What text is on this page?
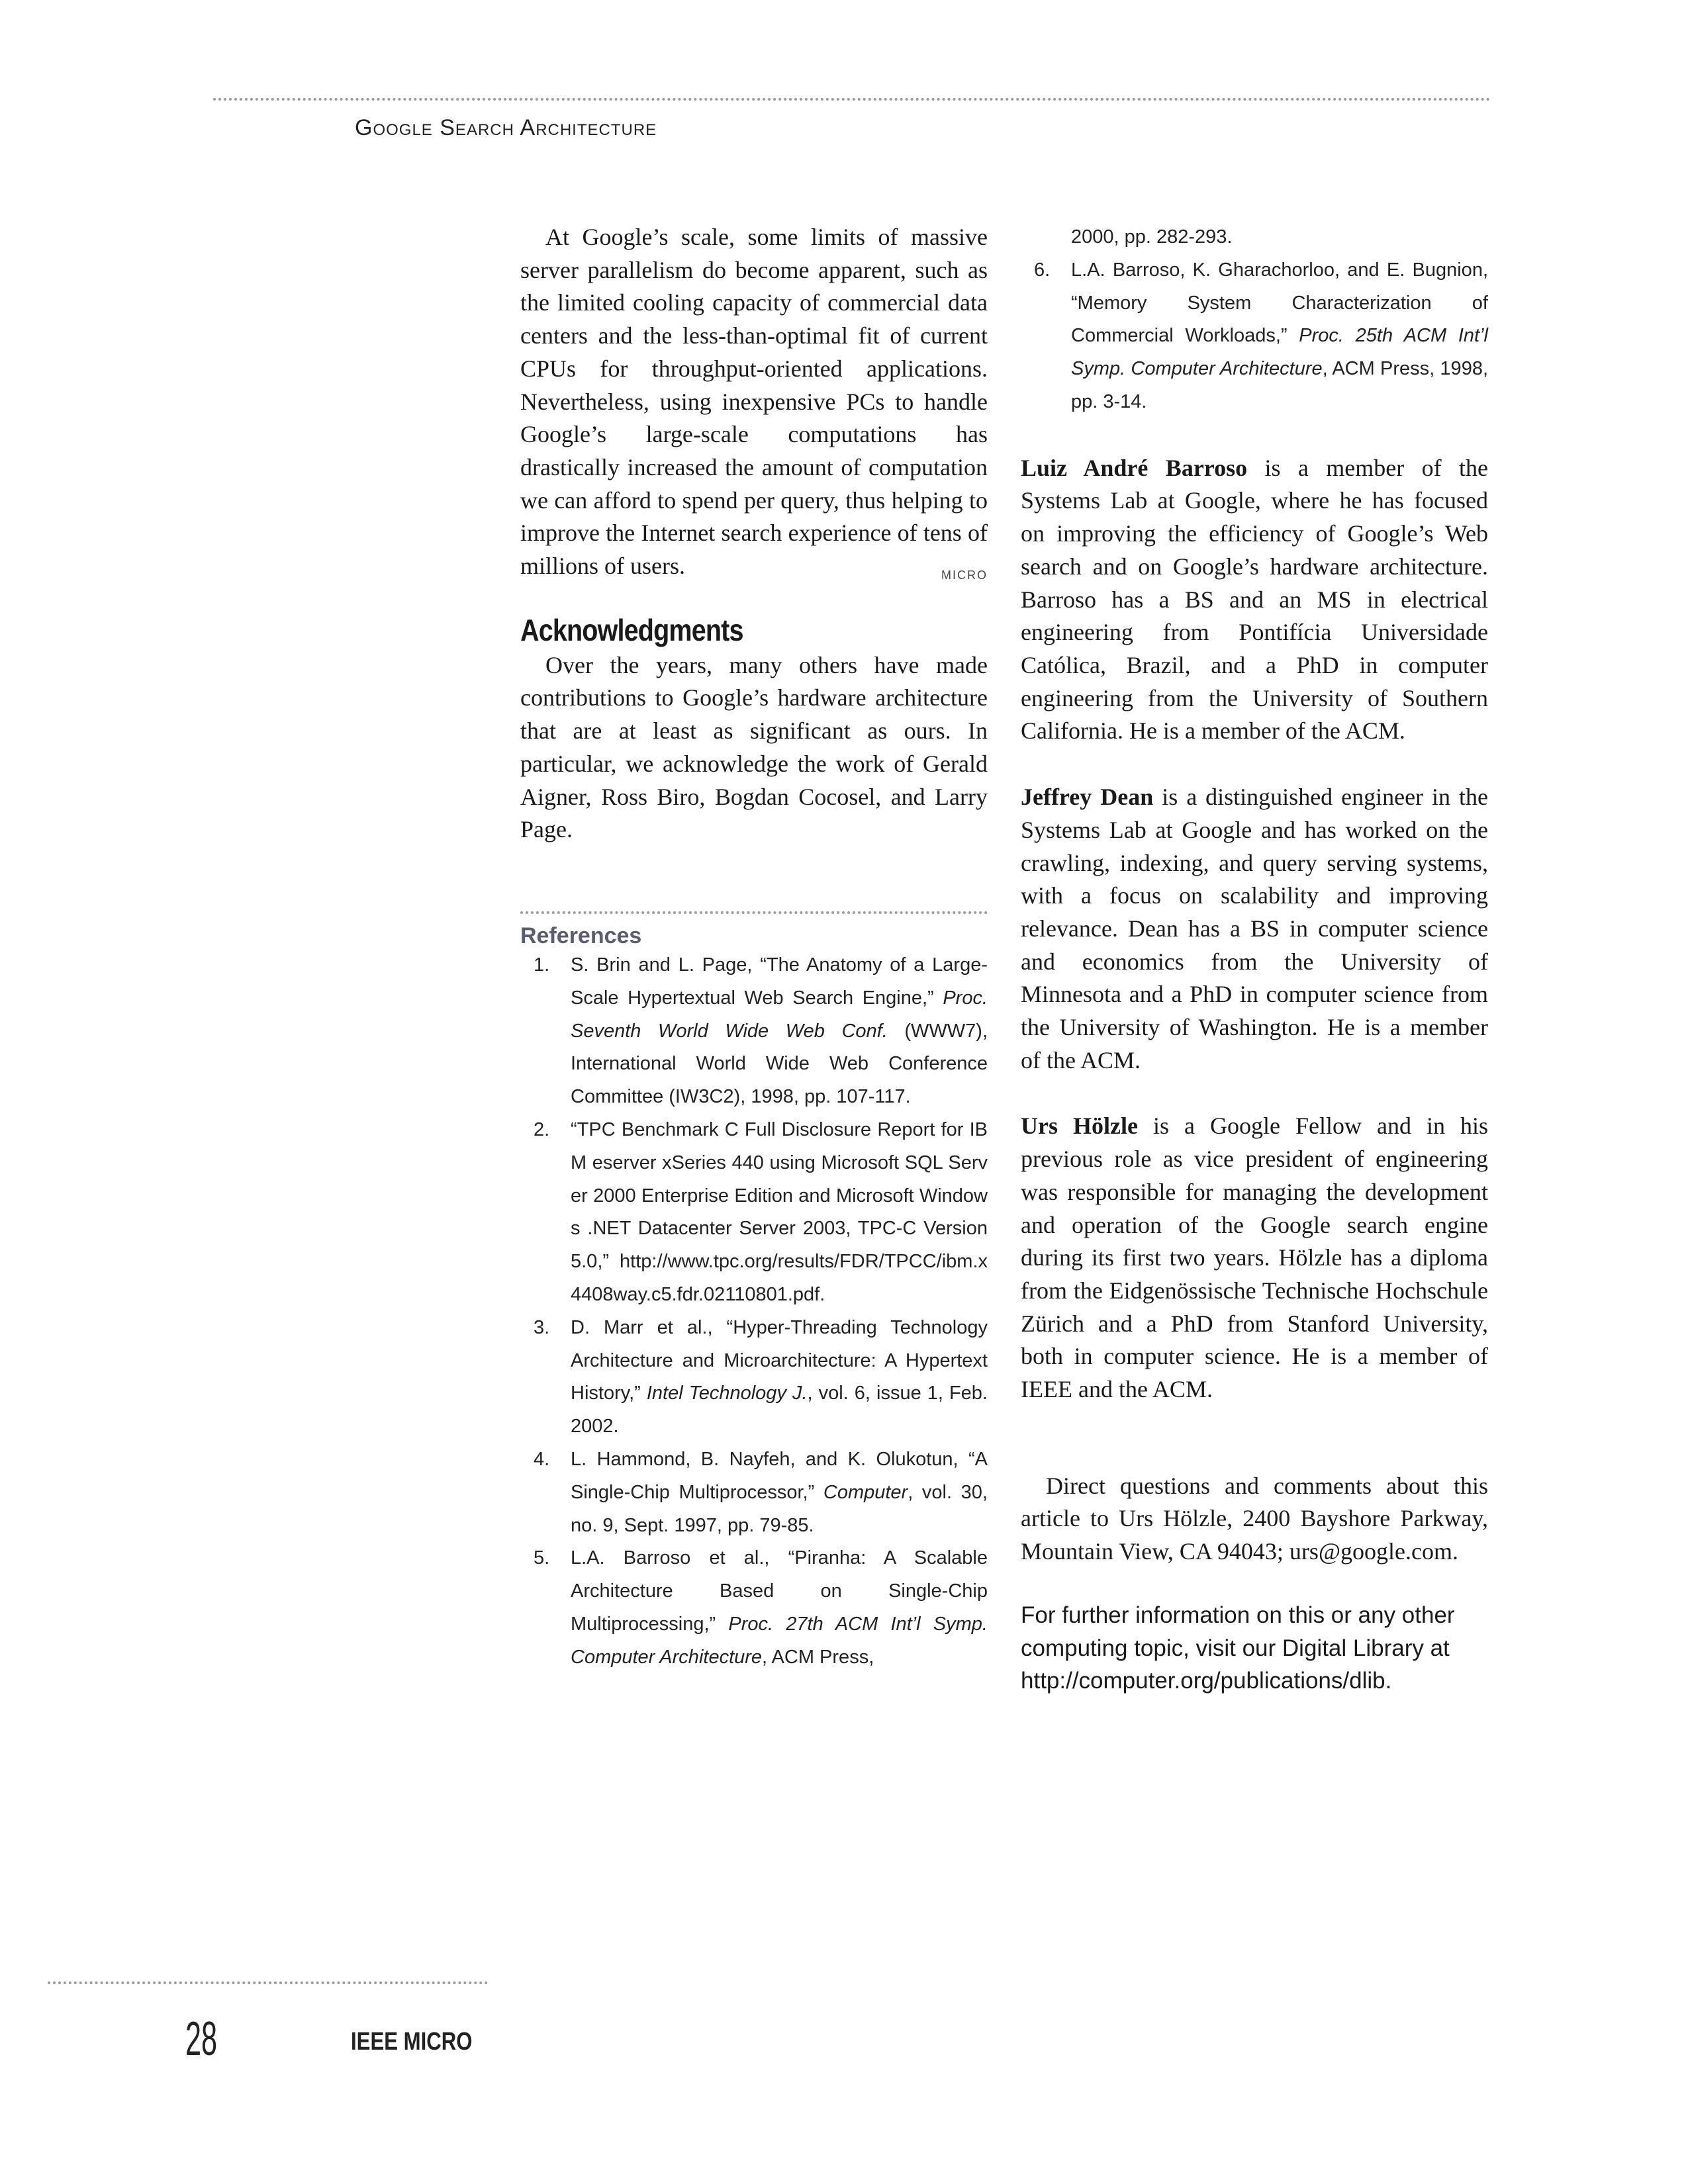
Google Search Architecture

At Google’s scale, some limits of massive server parallelism do become apparent, such as the limited cooling capacity of commercial data centers and the less-than-optimal fit of current CPUs for throughput-oriented applications. Nevertheless, using inexpensive PCs to handle Google’s large-scale computations has drastically increased the amount of computation we can afford to spend per query, thus helping to improve the Internet search experience of tens of millions of users.	MICRO

Acknowledgments

Over the years, many others have made contributions to Google’s hardware architecture that are at least as significant as ours. In particular, we acknowledge the work of Gerald Aigner, Ross Biro, Bogdan Cocosel, and Larry Page.

References
1. S. Brin and L. Page, “The Anatomy of a Large-Scale Hypertextual Web Search Engine,” Proc. Seventh World Wide Web Conf. (WWW7), International World Wide Web Conference Committee (IW3C2), 1998, pp. 107-117.
2. “TPC Benchmark C Full Disclosure Report for IBM eserver xSeries 440 using Microsoft SQL Server 2000 Enterprise Edition and Microsoft Windows .NET Datacenter Server 2003, TPC-C Version 5.0,” http://www.tpc.org/results/FDR/TPCC/ibm.x4408way.c5.fdr.02110801.pdf.
3. D. Marr et al., “Hyper-Threading Technology Architecture and Microarchitecture: A Hypertext History,” Intel Technology J., vol. 6, issue 1, Feb. 2002.
4. L. Hammond, B. Nayfeh, and K. Olukotun, “A Single-Chip Multiprocessor,” Computer, vol. 30, no. 9, Sept. 1997, pp. 79-85.
5. L.A. Barroso et al., “Piranha: A Scalable Architecture Based on Single-Chip Multiprocessing,” Proc. 27th ACM Int’l Symp. Computer Architecture, ACM Press,
2000, pp. 282-293.
6. L.A. Barroso, K. Gharachorloo, and E. Bugnion, “Memory System Characterization of Commercial Workloads,” Proc. 25th ACM Int’l Symp. Computer Architecture, ACM Press, 1998, pp. 3-14.

Luiz André Barroso is a member of the Systems Lab at Google, where he has focused on improving the efficiency of Google’s Web search and on Google’s hardware architecture. Barroso has a BS and an MS in electrical engineering from Pontifícia Universidade Católica, Brazil, and a PhD in computer engineering from the University of Southern California. He is a member of the ACM.

Jeffrey Dean is a distinguished engineer in the Systems Lab at Google and has worked on the crawling, indexing, and query serving systems, with a focus on scalability and improving relevance. Dean has a BS in computer science and economics from the University of Minnesota and a PhD in computer science from the University of Washington. He is a member of the ACM.

Urs Hölzle is a Google Fellow and in his previous role as vice president of engineering was responsible for managing the development and operation of the Google search engine during its first two years. Hölzle has a diploma from the Eidgenössische Technische Hochschule Zürich and a PhD from Stanford University, both in computer science. He is a member of IEEE and the ACM.

Direct questions and comments about this article to Urs Hölzle, 2400 Bayshore Parkway, Mountain View, CA 94043; urs@google.com.

For further information on this or any other computing topic, visit our Digital Library at http://computer.org/publications/dlib.

28	IEEE MICRO
